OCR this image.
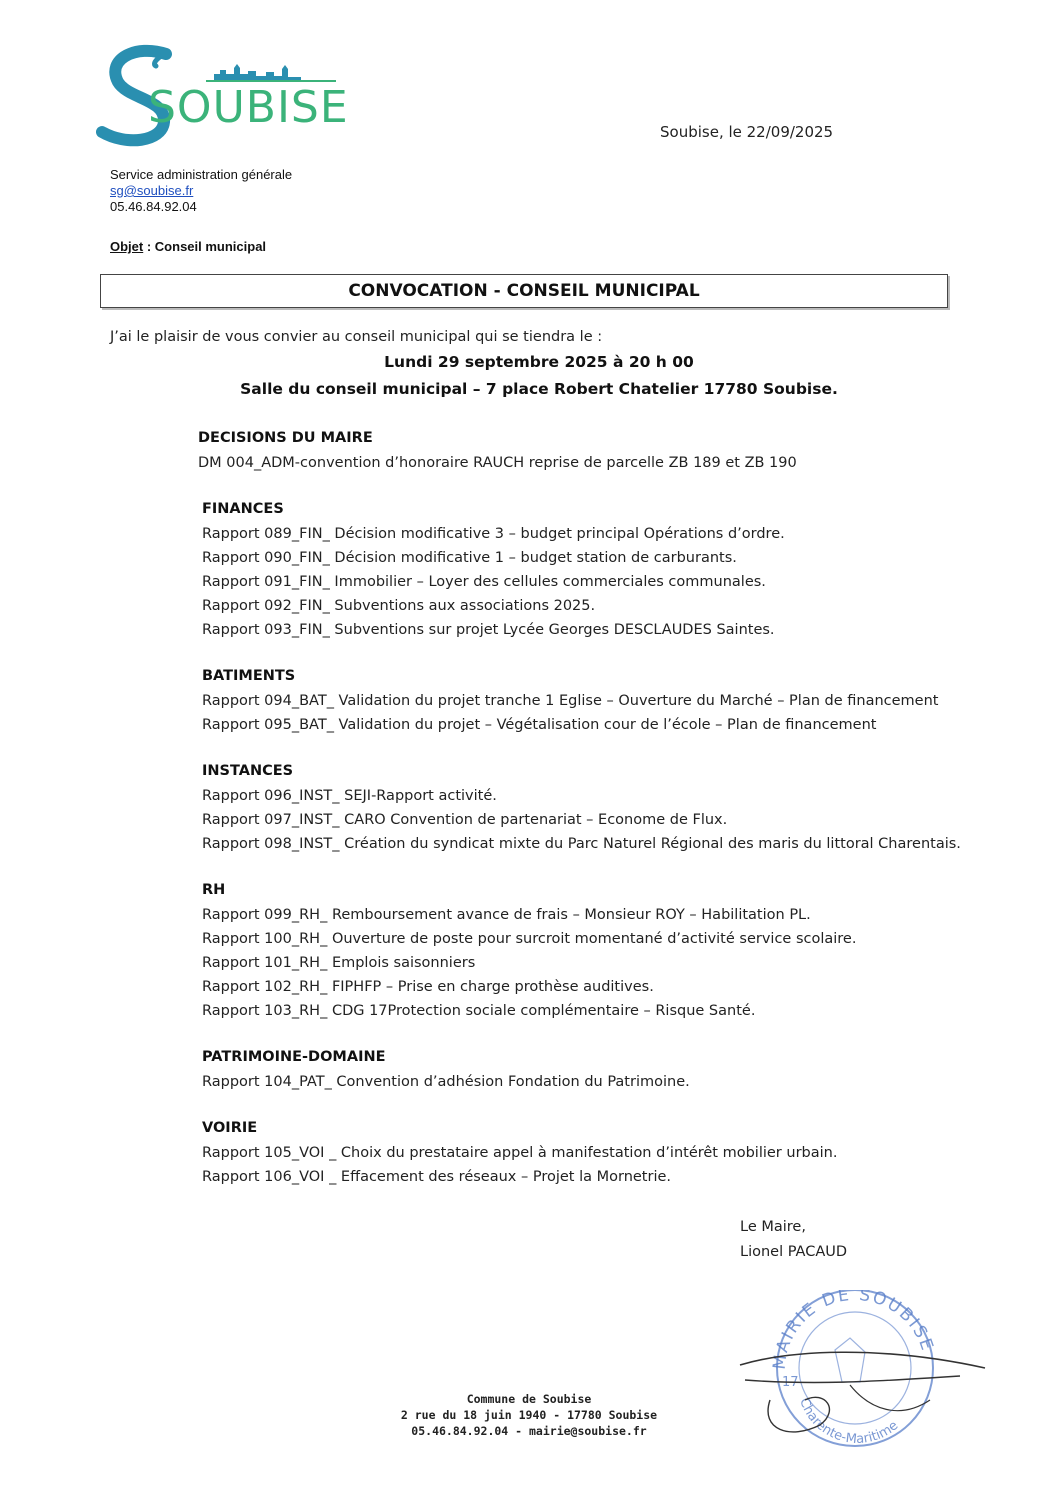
SOUBISE	Soubise, le 22/09/2025
Service administration générale
sg@soubise.fr
05.46.84.92.04
Objet : Conseil municipal
CONVOCATION - CONSEIL MUNICIPAL
J’ai le plaisir de vous convier au conseil municipal qui se tiendra le :
Lundi 29 septembre 2025 à 20 h 00
Salle du conseil municipal – 7 place Robert Chatelier 17780 Soubise.
DECISIONS DU MAIRE
DM 004_ADM-convention d’honoraire RAUCH reprise de parcelle ZB 189 et ZB 190
FINANCES
Rapport 089_FIN_ Décision modificative 3 – budget principal Opérations d’ordre.
Rapport 090_FIN_ Décision modificative 1 – budget station de carburants.
Rapport 091_FIN_ Immobilier – Loyer des cellules commerciales communales.
Rapport 092_FIN_ Subventions aux associations 2025.
Rapport 093_FIN_ Subventions sur projet Lycée Georges DESCLAUDES Saintes.
BATIMENTS
Rapport 094_BAT_ Validation du projet tranche 1 Eglise – Ouverture du Marché – Plan de financement
Rapport 095_BAT_ Validation du projet – Végétalisation cour de l’école – Plan de financement
INSTANCES
Rapport 096_INST_ SEJI-Rapport activité.
Rapport 097_INST_ CARO Convention de partenariat – Econome de Flux.
Rapport 098_INST_ Création du syndicat mixte du Parc Naturel Régional des maris du littoral Charentais.
RH
Rapport 099_RH_ Remboursement avance de frais – Monsieur ROY – Habilitation PL.
Rapport 100_RH_ Ouverture de poste pour surcroit momentané d’activité service scolaire.
Rapport 101_RH_ Emplois saisonniers
Rapport 102_RH_ FIPHFP – Prise en charge prothèse auditives.
Rapport 103_RH_ CDG 17Protection sociale complémentaire – Risque Santé.
PATRIMOINE-DOMAINE
Rapport 104_PAT_ Convention d’adhésion Fondation du Patrimoine.
VOIRIE
Rapport 105_VOI _ Choix du prestataire appel à manifestation d’intérêt mobilier urbain.
Rapport 106_VOI _ Effacement des réseaux – Projet la Mornetrie.
Le Maire,
Lionel PACAUD
MAIRIE DE SOUBISE
Charente-Maritime
17
Commune de Soubise
2 rue du 18 juin 1940 - 17780 Soubise
05.46.84.92.04 - mairie@soubise.fr
